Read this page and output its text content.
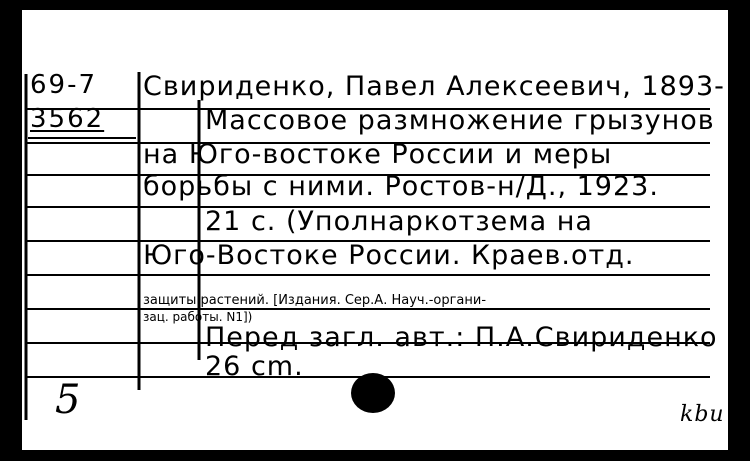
69-7
3562
Свириденко, Павел Алексеевич, 1893-
Массовое размножение грызунов
на Юго-востоке России и меры
борьбы с ними. Ростов-н/Д., 1923.
21 с. (Уполнаркотзема на
Юго-Востоке России. Краев.отд.
защиты растений. [Издания. Сер.А. Науч.-органи-
зац. работы. N1])
Перед загл. авт.: П.А.Свириденко
26 cm.
5	kbu
